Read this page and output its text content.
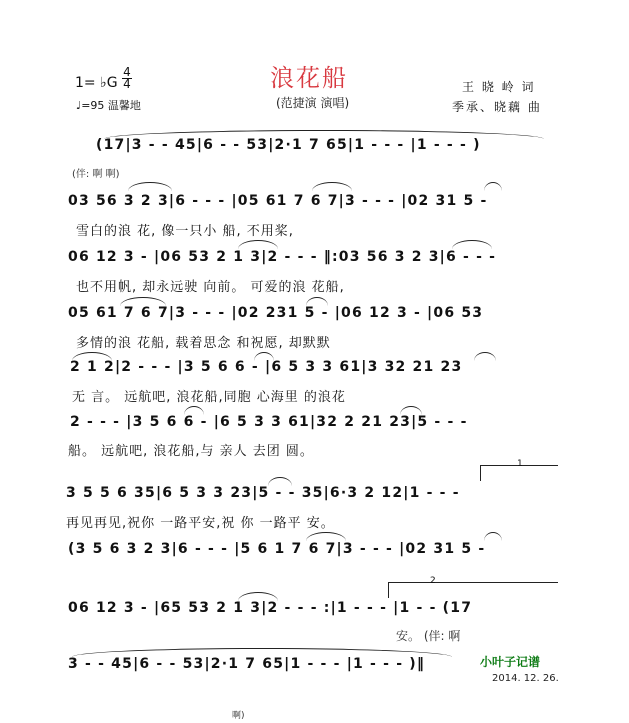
浪花船
(范捷演 演唱)
1= ♭G
4
4
♩=95 温馨地
王 晓 岭 词
季承、晓藕 曲
(17|3 - - 45|6 - - 53|2·1 7 65|1 - - - |1 - - - )
(伴: 啊 啊)
03 56 3 2 3|6 - - - |05 61 7 6 7|3 - - - |02 31 5 -
雪白的浪 花, 像一只小 船, 不用桨,
06 12 3 - |06 53 2 1 3|2 - - - ‖:03 56 3 2 3|6 - - -
也不用帆, 却永远驶 向前。 可爱的浪 花船,
05 61 7 6 7|3 - - - |02 231 5 - |06 12 3 - |06 53
多情的浪 花船, 载着思念 和祝愿, 却默默
2 1 2|2 - - - |3 5 6 6 - |6 5 3 3 61|3 32 21 23
无 言。 远航吧, 浪花船,同胞 心海里 的浪花
2 - - - |3 5 6 6 - |6 5 3 3 61|32 2 21 23|5 - - -
船。 远航吧, 浪花船,与 亲人 去团 圆。
1
3 5 5 6 35|6 5 3 3 23|5 - - 35|6·3 2 12|1 - - -
再见再见,祝你 一路平安,祝 你 一路平 安。
(3 5 6 3 2 3|6 - - - |5 6 1 7 6 7|3 - - - |02 31 5 -
2
06 12 3 - |65 53 2 1 3|2 - - - :|1 - - - |1 - - (17
安。 (伴: 啊
3 - - 45|6 - - 53|2·1 7 65|1 - - - |1 - - - )‖
啊)
小叶子记谱
2014. 12. 26.
